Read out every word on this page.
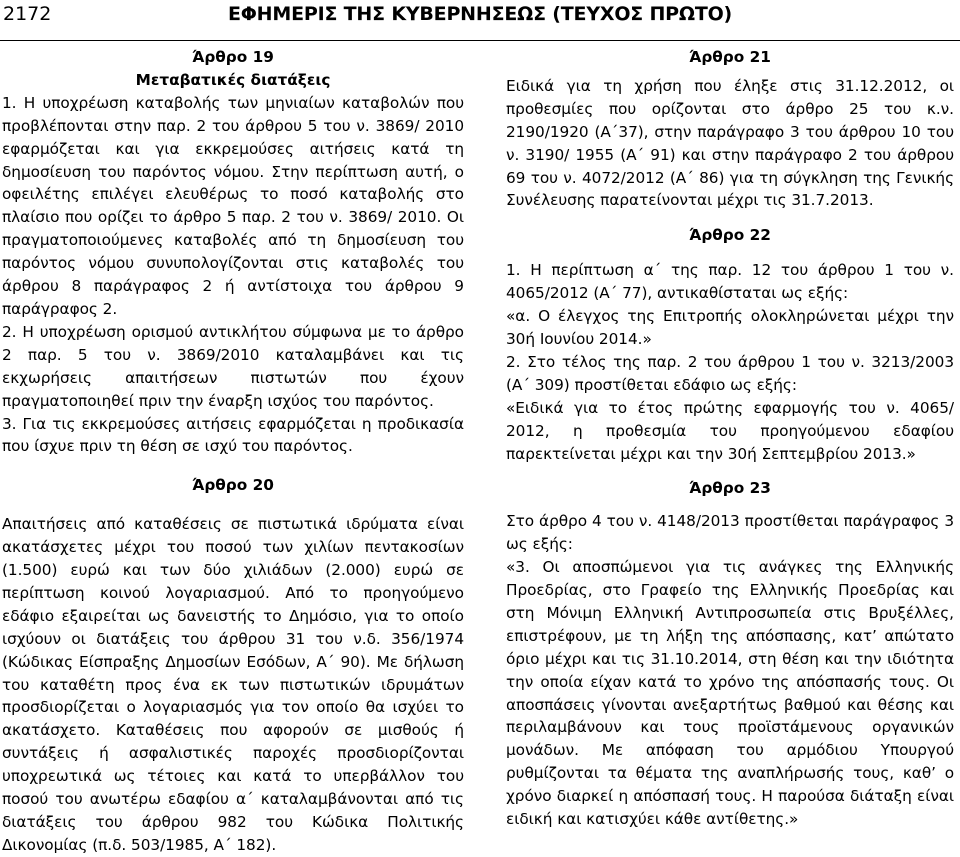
2172	ΕΦΗΜΕΡΙΣ ΤΗΣ ΚΥΒΕΡΝΗΣΕΩΣ (ΤΕΥΧΟΣ ΠΡΩΤΟ)
Άρθρο 19
Μεταβατικές διατάξεις

1. Η υποχρέωση καταβολής των μηνιαίων καταβολών που προβλέπονται στην παρ. 2 του άρθρου 5 του ν. 3869/ 2010 εφαρμόζεται και για εκκρεμούσες αιτήσεις κατά τη δημοσίευση του παρόντος νόμου. Στην περίπτωση αυτή, ο οφειλέτης επιλέγει ελευθέρως το ποσό καταβολής στο πλαίσιο που ορίζει το άρθρο 5 παρ. 2 του ν. 3869/ 2010. Οι πραγματοποιούμενες καταβολές από τη δημοσίευση του παρόντος νόμου συνυπολογίζονται στις καταβολές του άρθρου 8 παράγραφος 2 ή αντίστοιχα του άρθρου 9 παράγραφος 2.

2. Η υποχρέωση ορισμού αντικλήτου σύμφωνα με το άρθρο 2 παρ. 5 του ν. 3869/2010 καταλαμβάνει και τις εκχωρήσεις απαιτήσεων πιστωτών που έχουν πραγματοποιηθεί πριν την έναρξη ισχύος του παρόντος.

3. Για τις εκκρεμούσες αιτήσεις εφαρμόζεται η προδικασία που ίσχυε πριν τη θέση σε ισχύ του παρόντος.

Άρθρο 20

Απαιτήσεις από καταθέσεις σε πιστωτικά ιδρύματα είναι ακατάσχετες μέχρι του ποσού των χιλίων πεντακοσίων (1.500) ευρώ και των δύο χιλιάδων (2.000) ευρώ σε περίπτωση κοινού λογαριασμού. Από το προηγούμενο εδάφιο εξαιρείται ως δανειστής το Δημόσιο, για το οποίο ισχύουν οι διατάξεις του άρθρου 31 του ν.δ. 356/1974 (Κώδικας Είσπραξης Δημοσίων Εσόδων, Α΄ 90). Με δήλωση του καταθέτη προς ένα εκ των πιστωτικών ιδρυμάτων προσδιορίζεται ο λογαριασμός για τον οποίο θα ισχύει το ακατάσχετο. Καταθέσεις που αφορούν σε μισθούς ή συντάξεις ή ασφαλιστικές παροχές προσδιορίζονται υποχρεωτικά ως τέτοιες και κατά το υπερβάλλον του ποσού του ανωτέρω εδαφίου α΄ καταλαμβάνονται από τις διατάξεις του άρθρου 982 του Κώδικα Πολιτικής Δικονομίας (π.δ. 503/1985, Α΄ 182).

Άρθρο 21

Ειδικά για τη χρήση που έληξε στις 31.12.2012, οι προθεσμίες που ορίζονται στο άρθρο 25 του κ.ν. 2190/1920 (Α΄37), στην παράγραφο 3 του άρθρου 10 του ν. 3190/ 1955 (Α΄ 91) και στην παράγραφο 2 του άρθρου 69 του ν. 4072/2012 (Α΄ 86) για τη σύγκληση της Γενικής Συνέλευσης παρατείνονται μέχρι τις 31.7.2013.

Άρθρο 22

1. Η περίπτωση α΄ της παρ. 12 του άρθρου 1 του ν. 4065/2012 (Α΄ 77), αντικαθίσταται ως εξής:

«α. Ο έλεγχος της Επιτροπής ολοκληρώνεται μέχρι την 30ή Ιουνίου 2014.»

2. Στο τέλος της παρ. 2 του άρθρου 1 του ν. 3213/2003 (Α΄ 309) προστίθεται εδάφιο ως εξής:

«Ειδικά για το έτος πρώτης εφαρμογής του ν. 4065/ 2012, η προθεσμία του προηγούμενου εδαφίου παρεκτείνεται μέχρι και την 30ή Σεπτεμβρίου 2013.»

Άρθρο 23

Στο άρθρο 4 του ν. 4148/2013 προστίθεται παράγραφος 3 ως εξής:

«3. Οι αποσπώμενοι για τις ανάγκες της Ελληνικής Προεδρίας, στο Γραφείο της Ελληνικής Προεδρίας και στη Μόνιμη Ελληνική Αντιπροσωπεία στις Βρυξέλλες, επιστρέφουν, με τη λήξη της απόσπασης, κατ’ απώτατο όριο μέχρι και τις 31.10.2014, στη θέση και την ιδιότητα την οποία είχαν κατά το χρόνο της απόσπασής τους. Οι αποσπάσεις γίνονται ανεξαρτήτως βαθμού και θέσης και περιλαμβάνουν και τους προϊστάμενους οργανικών μονάδων. Με απόφαση του αρμόδιου Υπουργού ρυθμίζονται τα θέματα της αναπλήρωσής τους, καθ’ ο χρόνο διαρκεί η απόσπασή τους. Η παρούσα διάταξη είναι ειδική και κατισχύει κάθε αντίθετης.»
